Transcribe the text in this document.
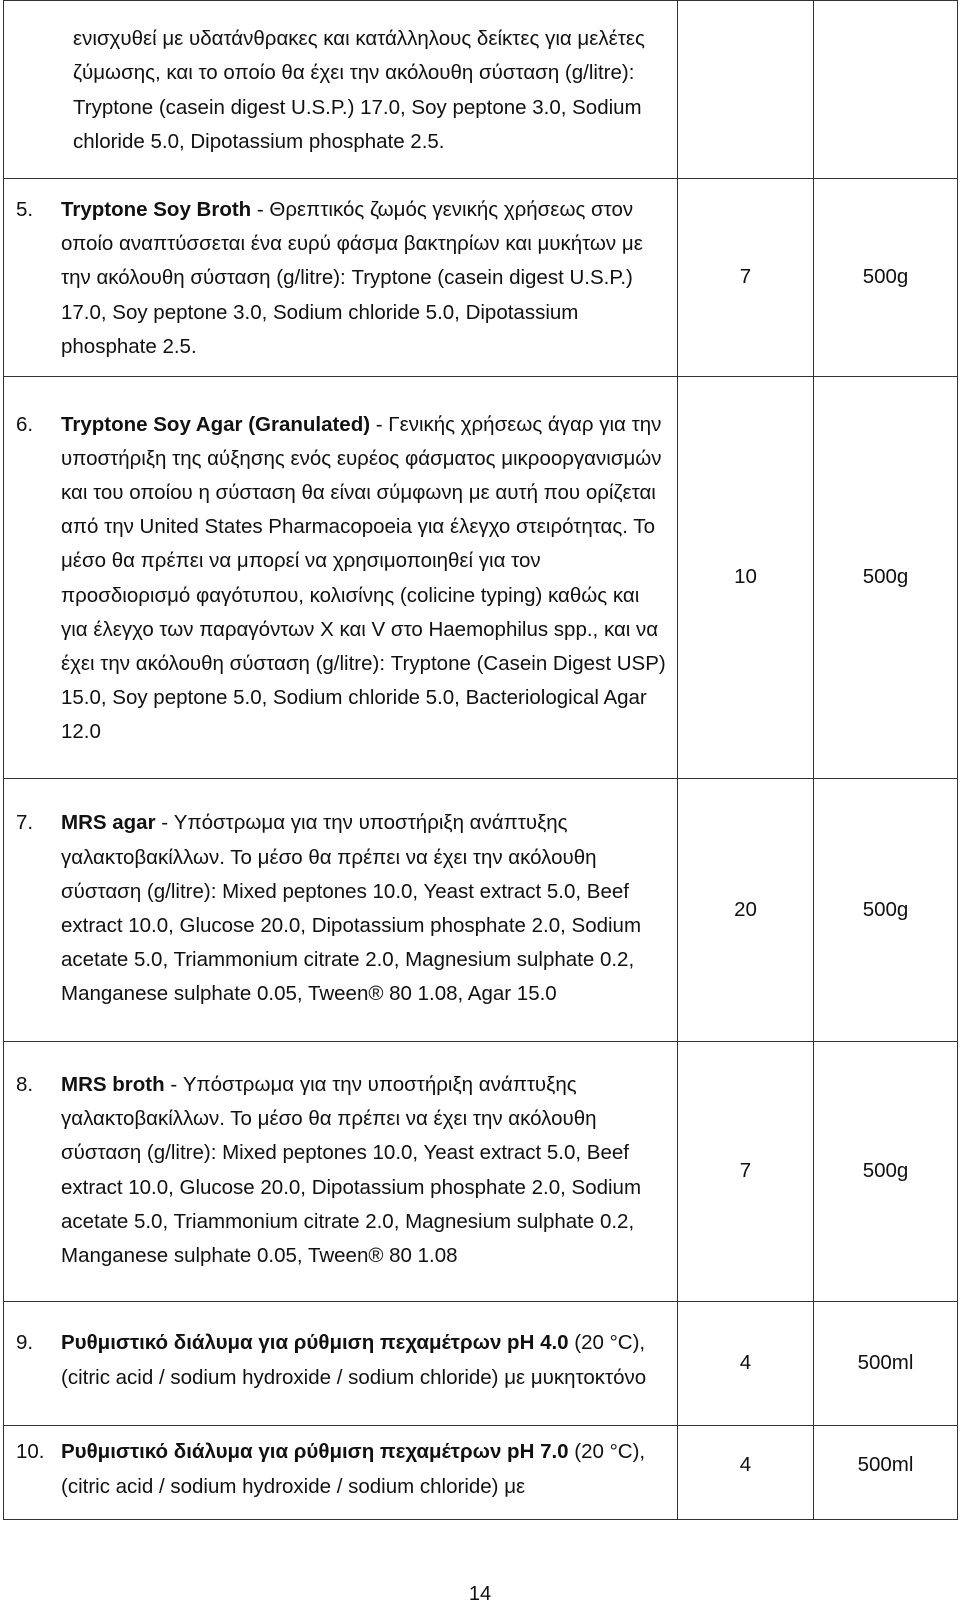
ενισχυθεί με υδατάνθρακες και κατάλληλους δείκτες για μελέτες ζύμωσης, και το οποίο θα έχει την ακόλουθη σύσταση (g/litre): Tryptone (casein digest U.S.P.) 17.0, Soy peptone 3.0, Sodium chloride 5.0, Dipotassium phosphate 2.5.		

5. Tryptone Soy Broth - Θρεπτικός ζωμός γενικής χρήσεως στον οποίο αναπτύσσεται ένα ευρύ φάσμα βακτηρίων και μυκήτων με την ακόλουθη σύσταση (g/litre): Tryptone (casein digest U.S.P.) 17.0, Soy peptone 3.0, Sodium chloride 5.0, Dipotassium phosphate 2.5.	7	500g

6. Tryptone Soy Agar (Granulated) - Γενικής χρήσεως άγαρ για την υποστήριξη της αύξησης ενός ευρέος φάσματος μικροοργανισμών και του οποίου η σύσταση θα είναι σύμφωνη με αυτή που ορίζεται από την United States Pharmacopoeia για έλεγχο στειρότητας. Το μέσο θα πρέπει να μπορεί να χρησιμοποιηθεί για τον προσδιορισμό φαγότυπου, κολισίνης (colicine typing) καθώς και για έλεγχο των παραγόντων X και V στο Haemophilus spp., και να έχει την ακόλουθη σύσταση (g/litre): Tryptone (Casein Digest USP) 15.0, Soy peptone 5.0, Sodium chloride 5.0, Bacteriological Agar 12.0	10	500g

7. MRS agar - Υπόστρωμα για την υποστήριξη ανάπτυξης γαλακτοβακίλλων. Το μέσο θα πρέπει να έχει την ακόλουθη σύσταση (g/litre): Mixed peptones 10.0, Yeast extract 5.0, Beef extract 10.0, Glucose 20.0, Dipotassium phosphate 2.0, Sodium acetate 5.0, Triammonium citrate 2.0, Magnesium sulphate 0.2, Manganese sulphate 0.05, Tween® 80 1.08, Agar 15.0	20	500g

8. MRS broth - Υπόστρωμα για την υποστήριξη ανάπτυξης γαλακτοβακίλλων. Το μέσο θα πρέπει να έχει την ακόλουθη σύσταση (g/litre): Mixed peptones 10.0, Yeast extract 5.0, Beef extract 10.0, Glucose 20.0, Dipotassium phosphate 2.0, Sodium acetate 5.0, Triammonium citrate 2.0, Magnesium sulphate 0.2, Manganese sulphate 0.05, Tween® 80 1.08	7	500g

9. Ρυθμιστικό διάλυμα για ρύθμιση πεχαμέτρων pH 4.0 (20 °C), (citric acid / sodium hydroxide / sodium chloride) με μυκητοκτόνο	4	500ml

10. Ρυθμιστικό διάλυμα για ρύθμιση πεχαμέτρων pH 7.0 (20 °C), (citric acid / sodium hydroxide / sodium chloride) με	4	500ml
14
